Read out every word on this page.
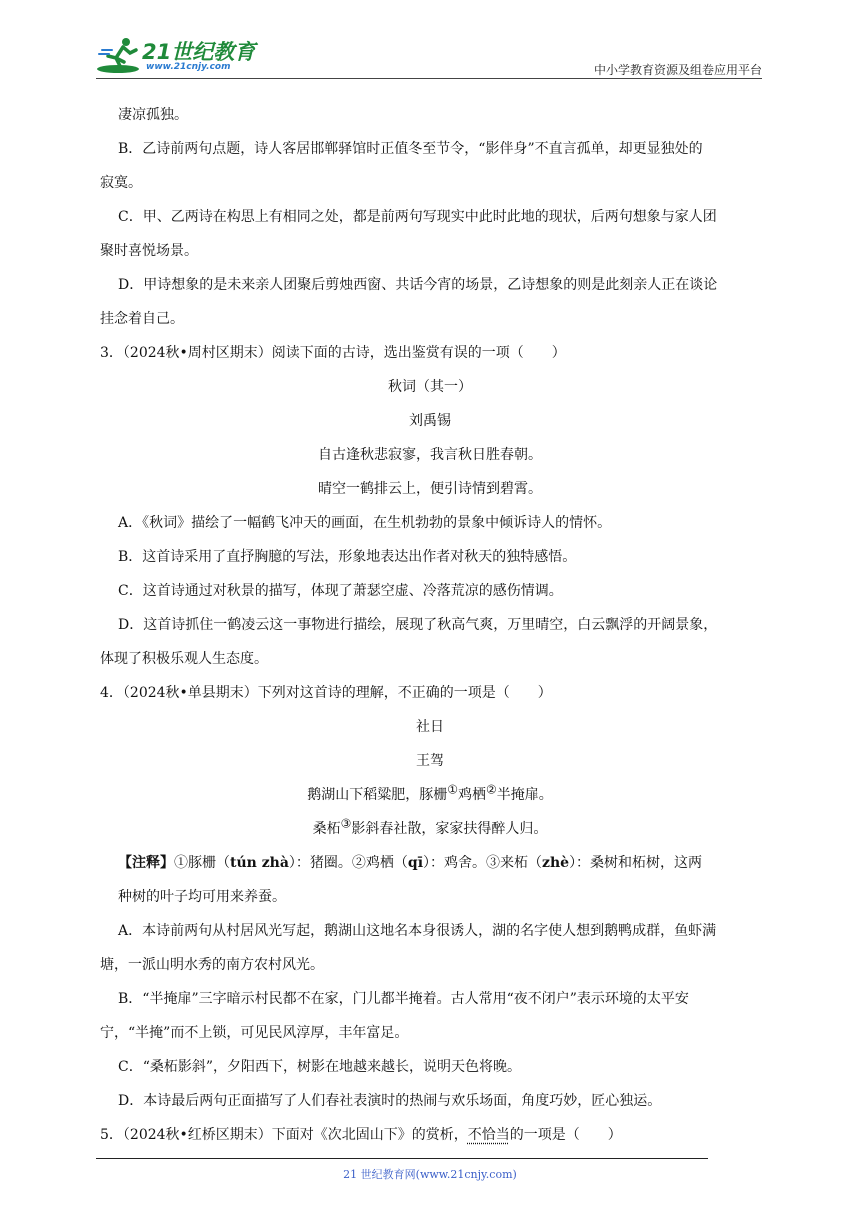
21世纪教育
www.21cnjy.com	中小学教育资源及组卷应用平台
凄凉孤独。
B．乙诗前两句点题，诗人客居邯郸驿馆时正值冬至节令，“影伴身”不直言孤单，却更显独处的
寂寞。
C．甲、乙两诗在构思上有相同之处，都是前两句写现实中此时此地的现状，后两句想象与家人团
聚时喜悦场景。
D．甲诗想象的是未来亲人团聚后剪烛西窗、共话今宵的场景，乙诗想象的则是此刻亲人正在谈论
挂念着自己。
3．（2024秋•周村区期末）阅读下面的古诗，选出鉴赏有误的一项（　　）
秋词（其一）
刘禹锡
自古逢秋悲寂寥，我言秋日胜春朝。
晴空一鹤排云上，便引诗情到碧霄。
A．《秋词》描绘了一幅鹤飞冲天的画面，在生机勃勃的景象中倾诉诗人的情怀。
B．这首诗采用了直抒胸臆的写法，形象地表达出作者对秋天的独特感悟。
C．这首诗通过对秋景的描写，体现了萧瑟空虚、冷落荒凉的感伤情调。
D．这首诗抓住一鹤凌云这一事物进行描绘，展现了秋高气爽，万里晴空，白云飘浮的开阔景象，
体现了积极乐观人生态度。
4．（2024秋•单县期末）下列对这首诗的理解，不正确的一项是（　　）
社日
王驾
鹅湖山下稻粱肥，豚栅①鸡栖②半掩扉。
桑柘③影斜春社散，家家扶得醉人归。
【注释】①豚栅（tún zhà）：猪圈。②鸡栖（qī）：鸡舍。③来柘（zhè）：桑树和柘树，这两
种树的叶子均可用来养蚕。
A．本诗前两句从村居风光写起，鹅湖山这地名本身很诱人，湖的名字使人想到鹅鸭成群，鱼虾满
塘，一派山明水秀的南方农村风光。
B．“半掩扉”三字暗示村民都不在家，门儿都半掩着。古人常用“夜不闭户”表示环境的太平安
宁，“半掩”而不上锁，可见民风淳厚，丰年富足。
C．“桑柘影斜”，夕阳西下，树影在地越来越长，说明天色将晚。
D．本诗最后两句正面描写了人们春社表演时的热闹与欢乐场面，角度巧妙，匠心独运。
5．（2024秋•红桥区期末）下面对《次北固山下》的赏析，不恰当的一项是（　　）
21 世纪教育网(www.21cnjy.com)
